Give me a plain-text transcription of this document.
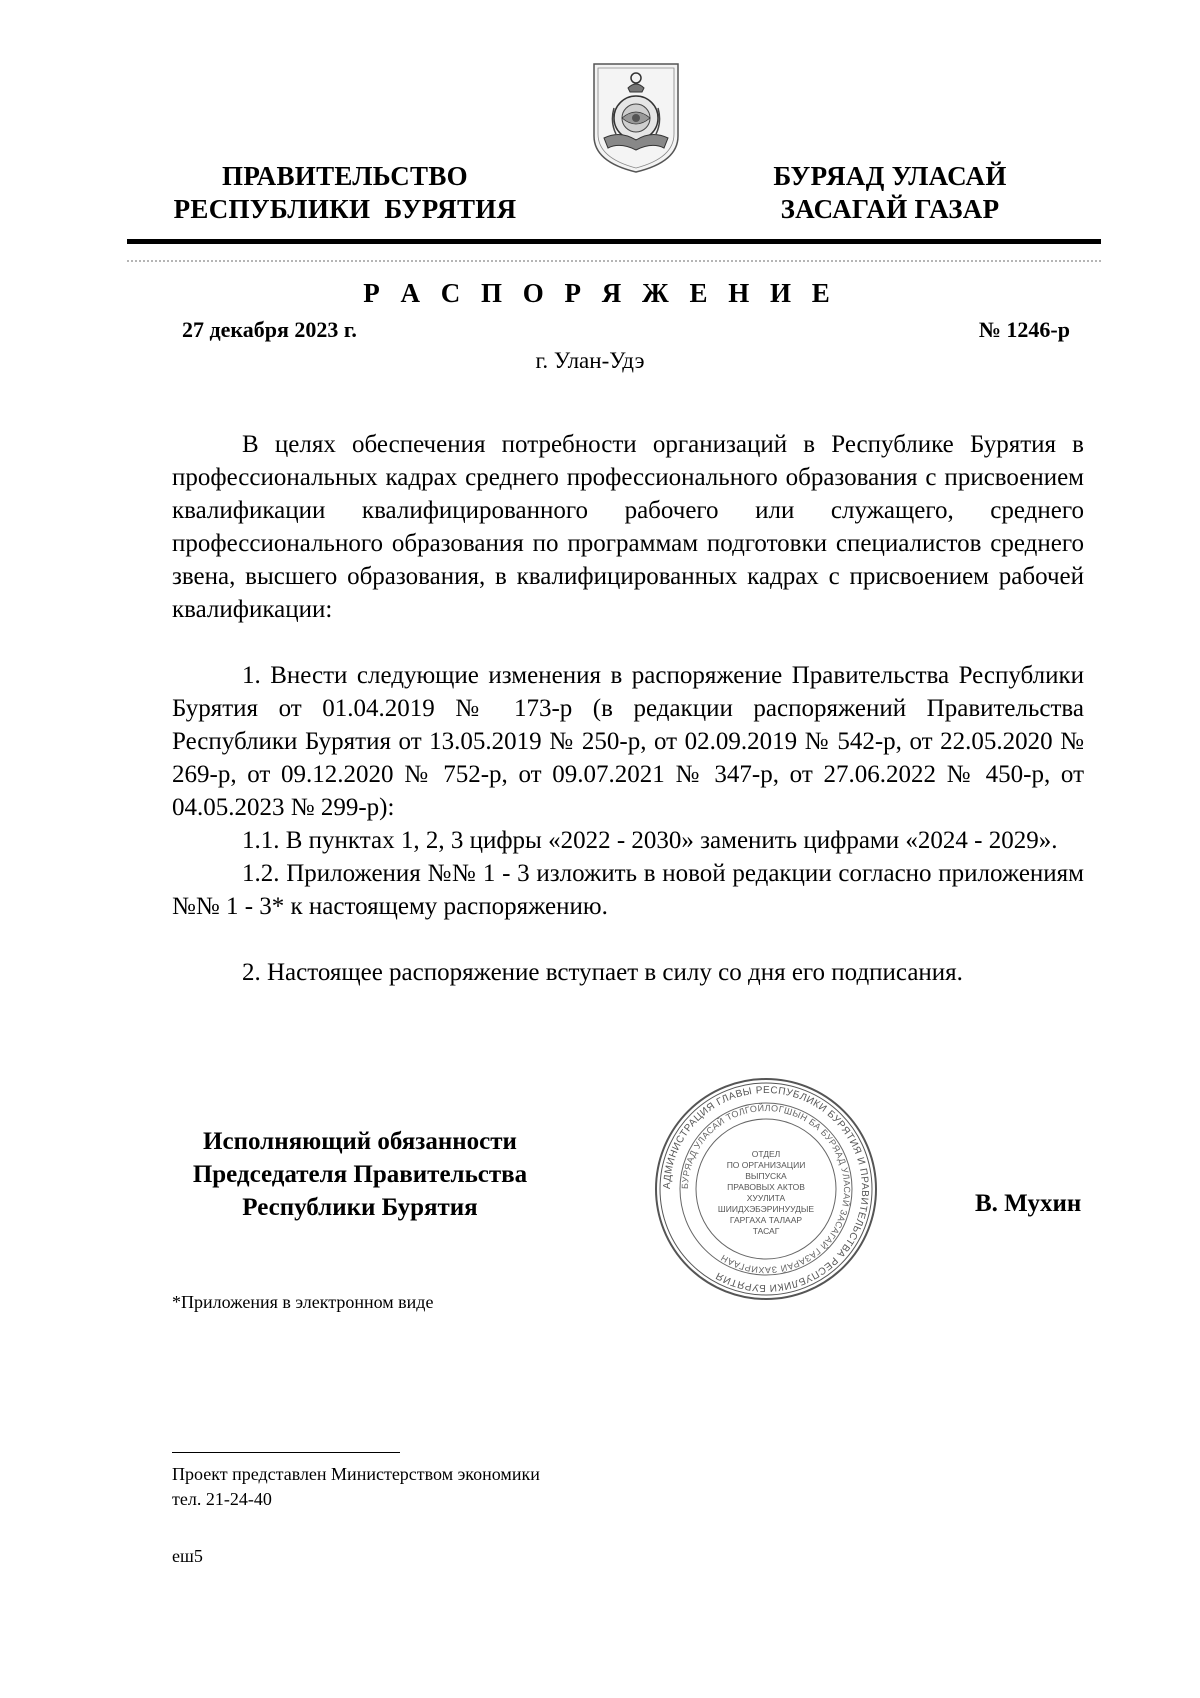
ПРАВИТЕЛЬСТВО
РЕСПУБЛИКИ  БУРЯТИЯ
БУРЯАД УЛАСАЙ
ЗАСАГАЙ ГАЗАР
Р А С П О Р Я Ж Е Н И Е
27 декабря 2023 г.	№ 1246-р
г. Улан-Удэ

В целях обеспечения потребности организаций в Республике Бурятия в профессиональных кадрах среднего профессионального образования с присвоением квалификации квалифицированного рабочего или служащего, среднего профессионального образования по программам подготовки специалистов среднего звена, высшего образования, в квалифицированных кадрах с присвоением рабочей квалификации:

1. Внести следующие изменения в распоряжение Правительства Республики Бурятия от 01.04.2019 № 173-р (в редакции распоряжений Правительства Республики Бурятия от 13.05.2019 № 250-р, от 02.09.2019 № 542-р, от 22.05.2020 № 269-р, от 09.12.2020 № 752-р, от 09.07.2021 № 347-р, от 27.06.2022 № 450-р, от 04.05.2023 № 299-р):

1.1. В пунктах 1, 2, 3 цифры «2022 - 2030» заменить цифрами «2024 - 2029».

1.2. Приложения №№ 1 - 3 изложить в новой редакции согласно приложениям №№ 1 - 3* к настоящему распоряжению.

2. Настоящее распоряжение вступает в силу со дня его подписания.

Исполняющий обязанности
Председателя Правительства
Республики Бурятия
АДМИНИСТРАЦИЯ ГЛАВЫ РЕСПУБЛИКИ БУРЯТИЯ И ПРАВИТЕЛЬСТВА РЕСПУБЛИКИ БУРЯТИЯ
БУРЯАД УЛАСАЙ ТОЛГОЙЛОГШЫН БА БУРЯАД УЛАСАЙ ЗАСАГАЙ ГАЗАРАЙ ЗАХИРГААН
ОТДЕЛ
ПО ОРГАНИЗАЦИИ
ВЫПУСКА
ПРАВОВЫХ АКТОВ
ХУУЛИТА
ШИИДХЭБЭРИНУУДЫЕ
ГАРГАХА ТАЛААР
ТАСАГ
В. Мухин
*Приложения в электронном виде
Проект представлен Министерством экономики
тел. 21-24-40
еш5
